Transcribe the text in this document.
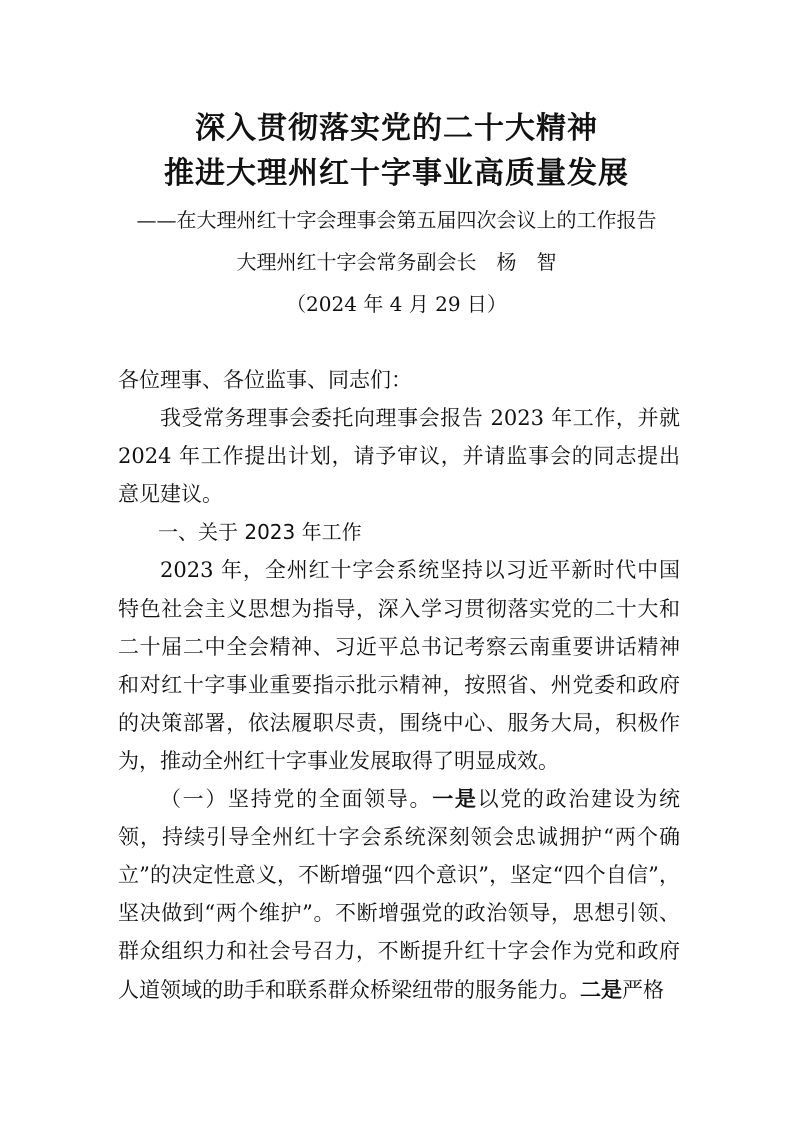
深入贯彻落实党的二十大精神
推进大理州红十字事业高质量发展
——在大理州红十字会理事会第五届四次会议上的工作报告
大理州红十字会常务副会长　杨　智
（2024 年 4 月 29 日）

各位理事、各位监事、同志们：

我受常务理事会委托向理事会报告 2023 年工作，并就 2024 年工作提出计划，请予审议，并请监事会的同志提出意见建议。

一、关于 2023 年工作

2023 年，全州红十字会系统坚持以习近平新时代中国特色社会主义思想为指导，深入学习贯彻落实党的二十大和二十届二中全会精神、习近平总书记考察云南重要讲话精神和对红十字事业重要指示批示精神，按照省、州党委和政府的决策部署，依法履职尽责，围绕中心、服务大局，积极作为，推动全州红十字事业发展取得了明显成效。

（一）坚持党的全面领导。一是以党的政治建设为统领，持续引导全州红十字会系统深刻领会忠诚拥护“两个确立”的决定性意义，不断增强“四个意识”，坚定“四个自信”，坚决做到“两个维护”。不断增强党的政治领导，思想引领、群众组织力和社会号召力，不断提升红十字会作为党和政府人道领域的助手和联系群众桥梁纽带的服务能力。二是严格
